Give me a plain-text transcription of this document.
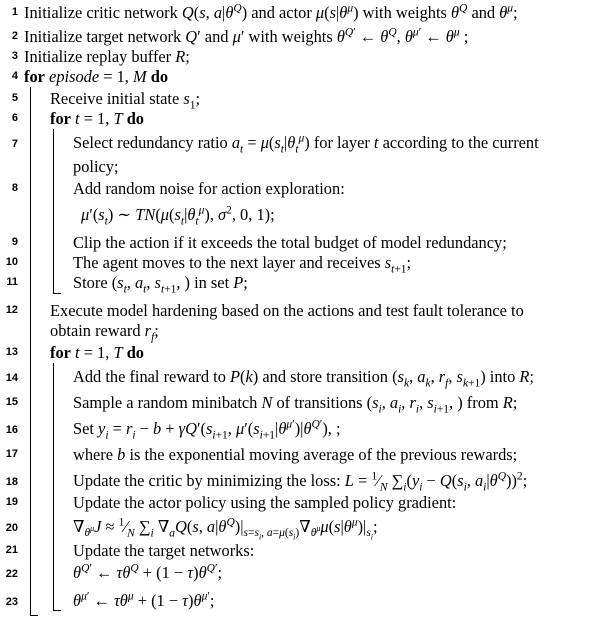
1
2
3
4
5
6
7
8
9
10
11
12
13
14
15
16
17
18
19
20
21
22
23
Initialize critic network Q(s, $a|\theta^Q$) and actor $\mu(s|\theta^\mu)$ with weights $\theta^Q$ and $\theta^\mu$;
Initialize target network Q′ and μ′ with weights $\theta^{Q'}$ ← $\theta^Q$, $\theta^{\mu'}$ ← $\theta^\mu$ ;
Initialize replay buffer R;
for episode = 1, M do
Receive initial state $s_1$;
for t = 1, T do
Select redundancy ratio $a_t = \mu(s_t|\theta_t^\mu)$ for layer t according to the current
policy;
Add random noise for action exploration:
$\mu'(s_t)$ ∼ $TN(\mu(s_t|\theta_t^\mu)$, $\sigma^2$, 0, 1);
Clip the action if it exceeds the total budget of model redundancy;
The agent moves to the next layer and receives $s_{t+1}$;
Store ($s_t$, $a_t$, $s_{t+1}$, ) in set P;
Execute model hardening based on the actions and test fault tolerance to
obtain reward $r_f$;
for t = 1, T do
Add the final reward to P(k) and store transition ($s_k$, $a_k$, $r_f$, $s_{k+1}$) into R;
Sample a random minibatch N of transitions ($s_i$, $a_i$, $r_i$, $s_{i+1}$, ) from R;
Set $y_i = r_i - b + \gamma Q'(s_{i+1}$, $\mu'(s_{i+1}|\theta^{\mu'})|\theta^{Q'}$), ;
where b is the exponential moving average of the previous rewards;
Update the critic by minimizing the loss: $L = ^1⁄_N$ $\sum_i(y_i - Q(s_i$, $a_i|\theta^Q))^2$;
Update the actor policy using the sampled policy gradient:
$\nabla_{\theta^\mu}J$ ≈ $^1⁄_N$ $\sum_i$ $\nabla_aQ(s$, $a|\theta^Q)|_{s=s_i, a=\mu(s_i)}\nabla_{\theta^\mu}\mu(s|\theta^\mu)|_{s_i}$;
Update the target networks:
$\theta^{Q'}$ ← $\tau\theta^Q + (1 - \tau)\theta^{Q'}$;
$\theta^{\mu'}$ ← $\tau\theta^\mu + (1 - \tau)\theta^{\mu'}$;
